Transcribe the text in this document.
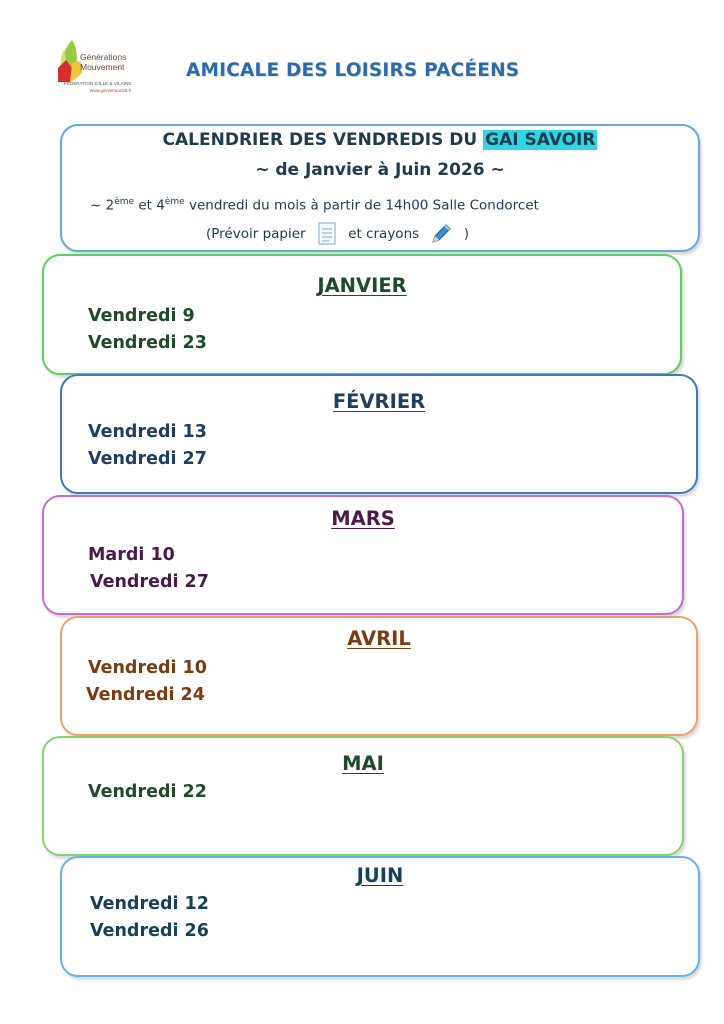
Générations
Mouvement
FÉDÉRATION D'ILLE & VILAINE
www.gensmouv35.fr
AMICALE DES LOISIRS PACÉENS
CALENDRIER DES VENDREDIS DU GAI SAVOIR
~ de Janvier à Juin 2026 ~
~ 2ème et 4ème vendredi du mois à partir de 14h00 Salle Condorcet
(Prévoir papier	et crayons	)
JANVIER
Vendredi 9
Vendredi 23
FÉVRIER
Vendredi 13
Vendredi 27
MARS
Mardi 10
Vendredi 27
AVRIL
Vendredi 10
Vendredi 24
MAI
Vendredi 22
JUIN
Vendredi 12
Vendredi 26
